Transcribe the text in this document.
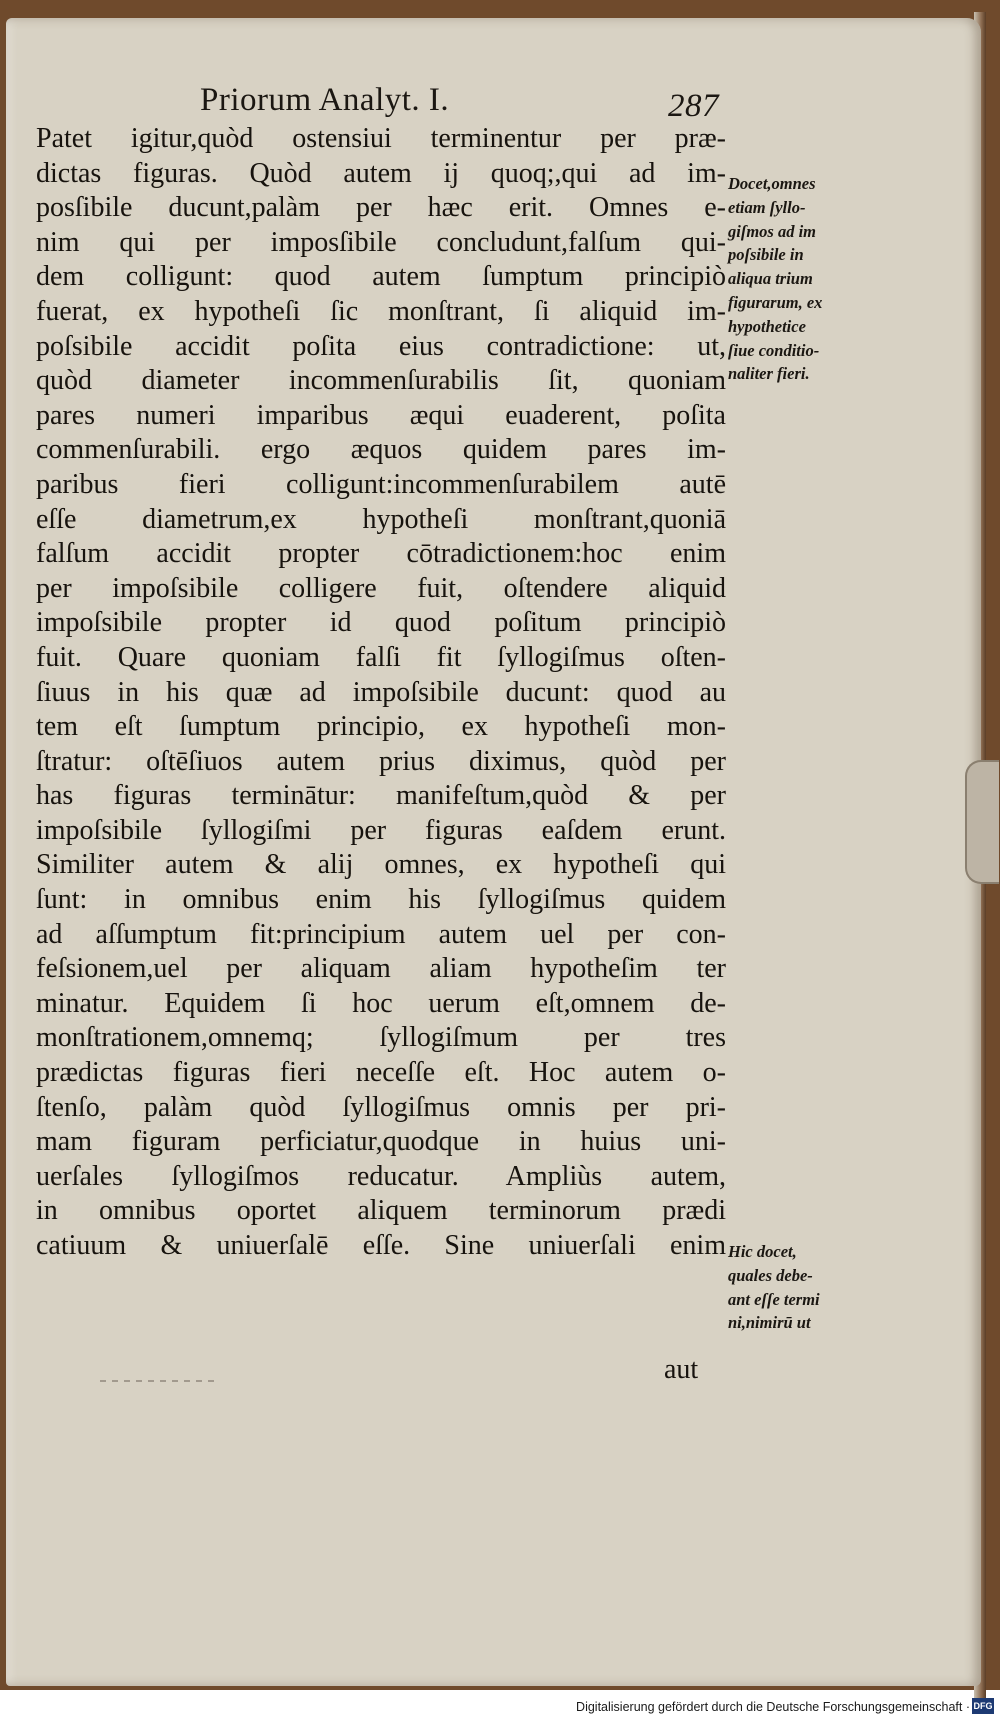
Priorum Analyt. I.	287
Patet igitur,quòd ostensiui terminentur per præ-
dictas figuras. Quòd autem ij quoq;,qui ad im-
posſibile ducunt,palàm per hæc erit. Omnes e-
nim qui per imposſibile concludunt,falſum qui-
dem colligunt: quod autem ſumptum principiò
fuerat, ex hypotheſi ſic monſtrant, ſi aliquid im-
poſsibile accidit poſita eius contradictione: ut,
quòd diameter incommenſurabilis ſit, quoniam
pares numeri imparibus æqui euaderent, poſita
commenſurabili. ergo æquos quidem pares im-
paribus fieri colligunt:incommenſurabilem autē
eſſe diametrum,ex hypotheſi monſtrant,quoniā
falſum accidit propter cōtradictionem:hoc enim
per impoſsibile colligere fuit, oſtendere aliquid
impoſsibile propter id quod poſitum principiò
fuit. Quare quoniam falſi fit ſyllogiſmus oſten-
ſiuus in his quæ ad impoſsibile ducunt: quod au
tem eſt ſumptum principio, ex hypotheſi mon-
ſtratur: oſtēſiuos autem prius diximus, quòd per
has figuras terminātur: manifeſtum,quòd & per
impoſsibile ſyllogiſmi per figuras eaſdem erunt.
Similiter autem & alij omnes, ex hypotheſi qui
ſunt: in omnibus enim his ſyllogiſmus quidem
ad aſſumptum fit:principium autem uel per con-
feſsionem,uel per aliquam aliam hypotheſim ter
minatur. Equidem ſi hoc uerum eſt,omnem de-
monſtrationem,omnemq; ſyllogiſmum per tres
prædictas figuras fieri neceſſe eſt. Hoc autem o-
ſtenſo, palàm quòd ſyllogiſmus omnis per pri-
mam figuram perficiatur,quodque in huius uni-
uerſales ſyllogiſmos reducatur. Ampliùs autem,
in omnibus oportet aliquem terminorum prædi
catiuum & uniuerſalē eſſe. Sine uniuerſali enim
Docet,omnes
etiam ſyllo-
giſmos ad im
poſsibile in
aliqua trium
figurarum, ex
hypothetice
ſiue conditio-
naliter fieri.
Hic docet,
quales debe-
ant eſſe termi
ni,nimirū ut
aut
Digitalisierung gefördert durch die Deutsche Forschungsgemeinschaft · DFG
